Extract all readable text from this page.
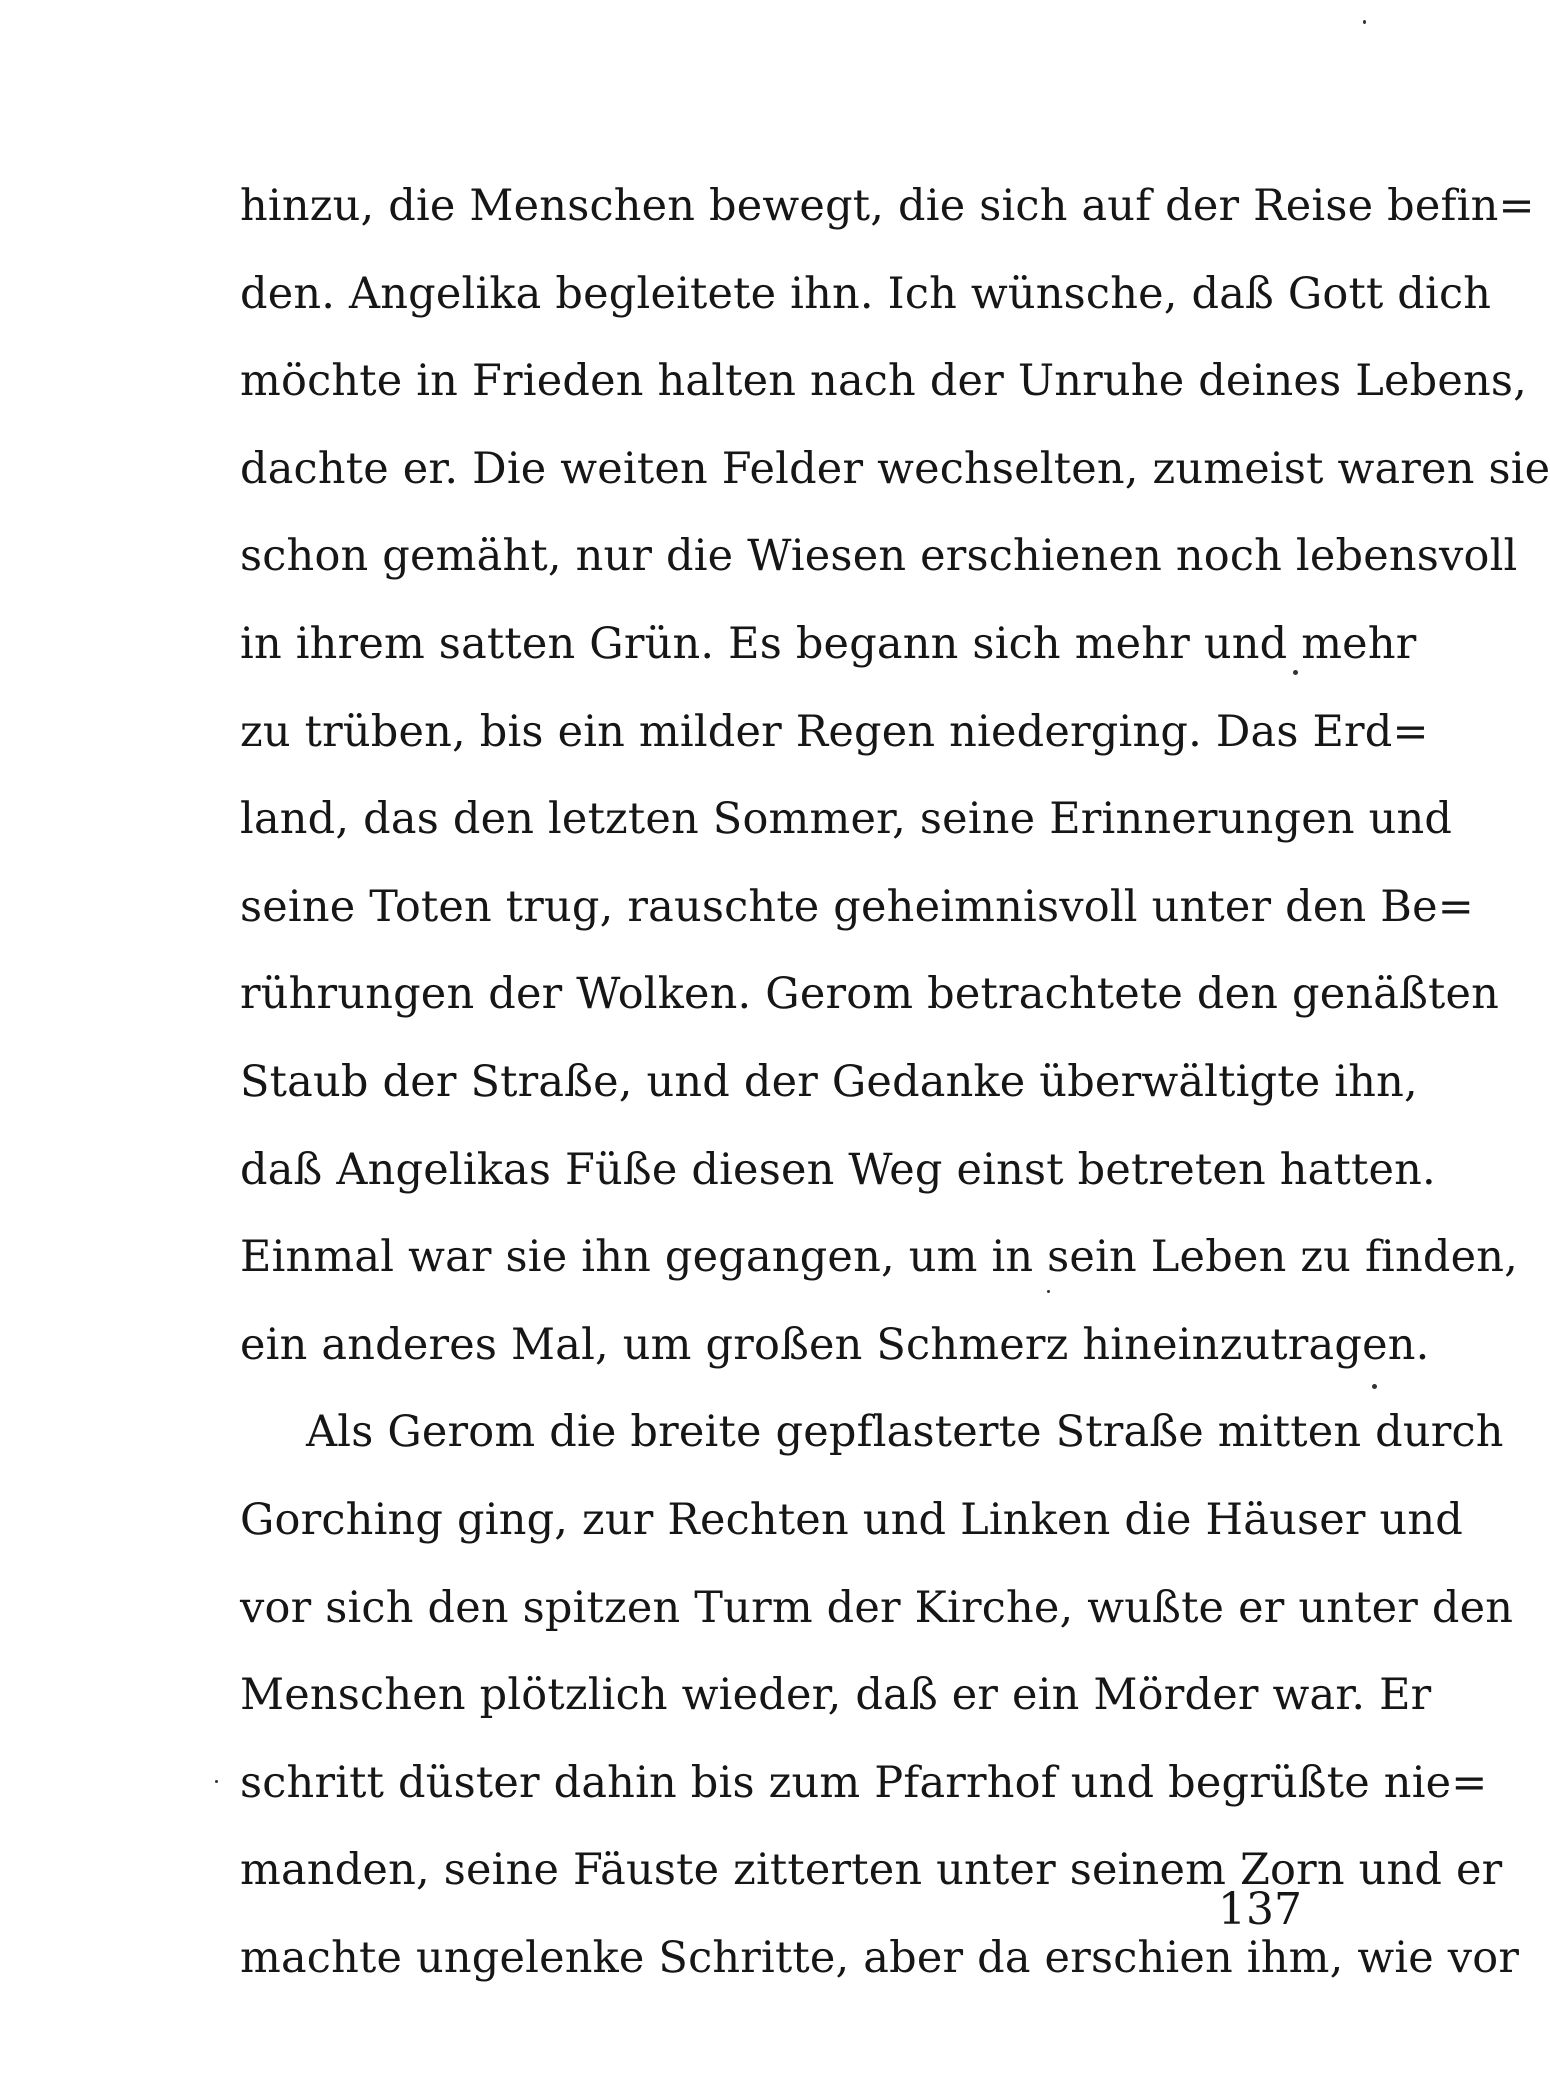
hinzu, die Menschen bewegt, die sich auf der Reise befin=
den. Angelika begleitete ihn. Ich wünsche, daß Gott dich
möchte in Frieden halten nach der Unruhe deines Lebens,
dachte er. Die weiten Felder wechselten, zumeist waren sie
schon gemäht, nur die Wiesen erschienen noch lebensvoll
in ihrem satten Grün. Es begann sich mehr und mehr
zu trüben, bis ein milder Regen niederging. Das Erd=
land, das den letzten Sommer, seine Erinnerungen und
seine Toten trug, rauschte geheimnisvoll unter den Be=
rührungen der Wolken. Gerom betrachtete den genäßten
Staub der Straße, und der Gedanke überwältigte ihn,
daß Angelikas Füße diesen Weg einst betreten hatten.
Einmal war sie ihn gegangen, um in sein Leben zu finden,
ein anderes Mal, um großen Schmerz hineinzutragen.
Als Gerom die breite gepflasterte Straße mitten durch
Gorching ging, zur Rechten und Linken die Häuser und
vor sich den spitzen Turm der Kirche, wußte er unter den
Menschen plötzlich wieder, daß er ein Mörder war. Er
schritt düster dahin bis zum Pfarrhof und begrüßte nie=
manden, seine Fäuste zitterten unter seinem Zorn und er
machte ungelenke Schritte, aber da erschien ihm, wie vor
137
